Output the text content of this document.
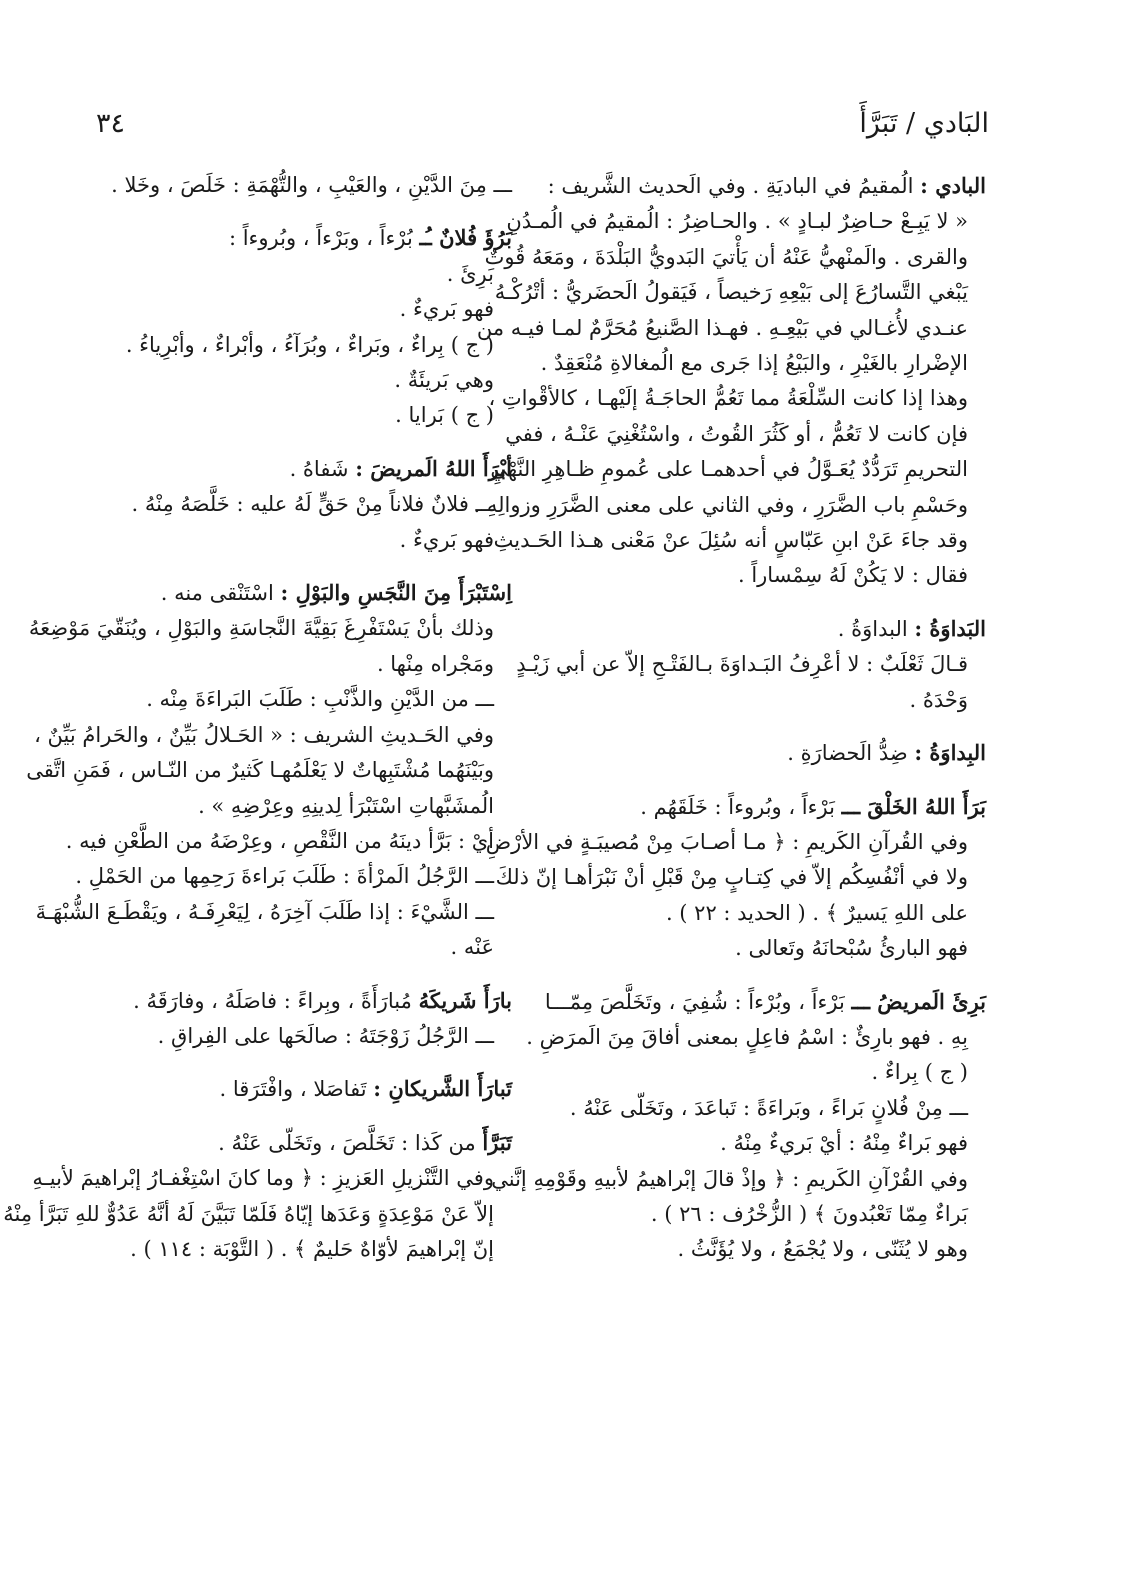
البَادي / تَبَرَّأَ
٣٤
البادي : الُمقيمُ في الباديَةِ . وفي الَحديث الشَّريف :
« لا يَبِـعْ حـاضِرٌ لبـادٍ » . والحـاضِرُ : الُمقيمُ في الُمـدُنِ
والقرى . والَمنْهيُّ عَنْهُ أن يَأْتيَ البَدويُّ البَلْدَةَ ، ومَعَهُ قُوتٌ
يَبْغي التَّسارُعَ إلى بَيْعِهِ رَخيصاً ، فَيَقولُ الَحضَريُّ : أتْرُكْـهُ
عنـدي لأُغـالي في بَيْعِـهِ . فهـذا الصَّنيعُ مُحَرَّمٌ لمـا فيـه من
الإضْرارِ بالغَيْرِ ، والبَيْعُ إذا جَرى مع الُمغالاةِ مُنْعَقِدٌ .
وهذا إذا كانت السِّلْعَةُ مما تَعُمُّ الحاجَـةُ إلَيْهـا ، كالأقْواتِ ،
فإن كانت لا تَعُمُّ ، أو كَثُرَ القُوتُ ، واسْتُغْنِيَ عَنْـهُ ، ففي
التحريمِ تَرَدُّدٌ يُعَـوَّلُ في أحدهمـا على عُمومِ ظـاهِرِ النَّهْيِ
وحَسْمِ باب الضَّرَرِ ، وفي الثاني على معنى الضَّرَرِ وزوالِهِ .
وقد جاءَ عَنْ ابنِ عَبّاسٍ أنه سُئِلَ عنْ مَعْنى هـذا الحَـديثِ
فقال : لا يَكُنْ لَهُ سِمْساراً .
البَداوَةُ : البداوَةُ .
قـالَ ثَعْلَبٌ : لا أعْرِفُ البَـداوَةَ بـالفَتْـحِ إلاّ عن أبي زَيْـدٍ
وَحْدَهُ .
البِداوَةُ : ضِدُّ الَحضارَةِ .
بَرَأَ اللهُ الخَلْقَ ـــ بَرْءاً ، وبُروءاً : خَلَقَهُم .
وفي القُرآنِ الكَريمِ : ﴿ مـا أصـابَ مِنْ مُصيبَـةٍ في الأرْضِ
ولا في أنْفُسِكُم إلاّ في كِتـابٍ مِنْ قَبْلِ أنْ نَبْرَأهـا إنّ ذلكَ
على اللهِ يَسيرٌ ﴾ . ( الحديد : ٢٢ ) .
فهو البارئُ سُبْحانَهُ وتَعالى .
بَرِئَ الَمريضُ ـــ بَرْءاً ، وبُرْءاً : شُفِيَ ، وتَخَلَّصَ مِمّـــا
بِهِ . فهو بارِئٌ : اسْمُ فاعِلٍ بمعنى أفاقَ مِنَ الَمرَضِ .
( ج ) بِراءٌ .
ـــ مِنْ فُلانٍ بَراءً ، وبَراءَةً : تَباعَدَ ، وتَخَلّى عَنْهُ .
فهو بَراءٌ مِنْهُ : أيْ بَريءٌ مِنْهُ .
وفي القُرْآنِ الكَريمِ : ﴿ وإذْ قالَ إبْراهيمُ لأبيهِ وقَوْمِهِ إنَّني
بَراءٌ مِمّا تَعْبُدونَ ﴾ ( الزُّخْرُف : ٢٦ ) .
وهو لا يُثَنّى ، ولا يُجْمَعُ ، ولا يُؤَنَّثُ .
ـــ مِنَ الدَّيْنِ ، والعَيْبِ ، والتُّهْمَةِ : خَلَصَ ، وخَلا .
بَرُؤَ فُلانٌ ـُـ بُرْءاً ، وبَرْءاً ، وبُروءاً :
بَرِئَ .
فهو بَريءٌ .
( ج ) بِراءٌ ، وبَراءٌ ، وبُرَآءُ ، وأبْراءٌ ، وأبْرِياءُ .
وهي بَريئَةٌ .
( ج ) بَرايا .
أبْرَأَ اللهُ الَمريضَ : شَفاهُ .
ـــ فلانٌ فلاناً مِنْ حَقٍّ لَهُ عليه : خَلَّصَهُ مِنْهُ .
فهو بَريءٌ .
اِسْتَبْرَأَ مِنَ النَّجَسِ والبَوْلِ : اسْتَنْقى منه .
وذلك بأنْ يَسْتَفْرِغَ بَقِيَّةَ النَّجاسَةِ والبَوْلِ ، ويُنَقّيَ مَوْضِعَهُ
ومَجْراه مِنْها .
ـــ من الدَّيْنِ والذَّنْبِ : طَلَبَ البَراءَةَ مِنْه .
وفي الحَـديثِ الشريف : « الحَـلالُ بَيِّنٌ ، والحَرامُ بَيِّنٌ ،
وبَيْنَهُما مُشْتَبِهاتٌ لا يَعْلَمُهـا كَثيرٌ من النّـاس ، فَمَنِ اتَّقى
الُمشَبَّهاتِ اسْتَبْرَأ لِدينِهِ وعِرْضِهِ » .
أيْ : بَرَّأ دينَهُ من النَّقْصِ ، وعِرْضَهُ من الطَّعْنِ فيه .
ـــ الرَّجُلُ الَمرْأةَ : طَلَبَ بَراءةَ رَحِمِها من الحَمْلِ .
ـــ الشَّيْءَ : إذا طَلَبَ آخِرَهُ ، لِيَعْرِفَـهُ ، ويَقْطَـعَ الشُّبْهَـةَ
عَنْه .
بارَأَ شَريكَهُ مُبارَأَةً ، وبِراءً : فاصَلَهُ ، وفارَقَهُ .
ـــ الرَّجُلُ زَوْجَتَهُ : صالَحَها على الفِراقِ .
تَبارَأَ الشَّريكانِ : تَفاصَلا ، وافْتَرَقا .
تَبَرَّأَ من كَذا : تَخَلَّصَ ، وتَخَلّى عَنْهُ .
وفي التَّنْزيلِ العَزيزِ : ﴿ وما كانَ اسْتِغْفـارُ إبْراهيمَ لأبيـهِ
إلاّ عَنْ مَوْعِدَةٍ وَعَدَها إيّاهُ فَلَمّا تَبَيَّنَ لَهُ أنَّهُ عَدُوٌّ للهِ تَبَرَّأ مِنْهُ
إنّ إبْراهيمَ لأوّاهٌ حَليمٌ ﴾ . ( التَّوْبَة : ١١٤ ) .
